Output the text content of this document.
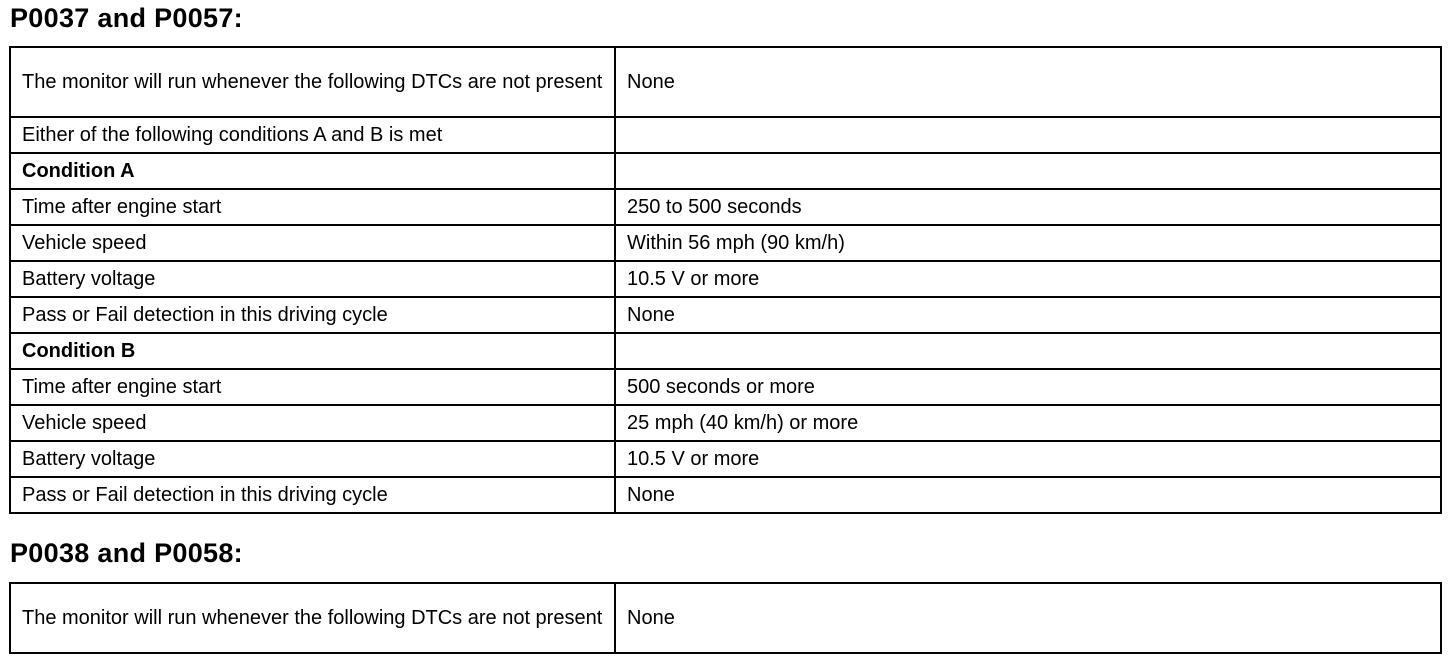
P0037 and P0057:
The monitor will run whenever the following DTCs are not present	None
Either of the following conditions A and B is met	
Condition A	
Time after engine start	250 to 500 seconds
Vehicle speed	Within 56 mph (90 km/h)
Battery voltage	10.5 V or more
Pass or Fail detection in this driving cycle	None
Condition B	
Time after engine start	500 seconds or more
Vehicle speed	25 mph (40 km/h) or more
Battery voltage	10.5 V or more
Pass or Fail detection in this driving cycle	None
P0038 and P0058:
The monitor will run whenever the following DTCs are not present	None
